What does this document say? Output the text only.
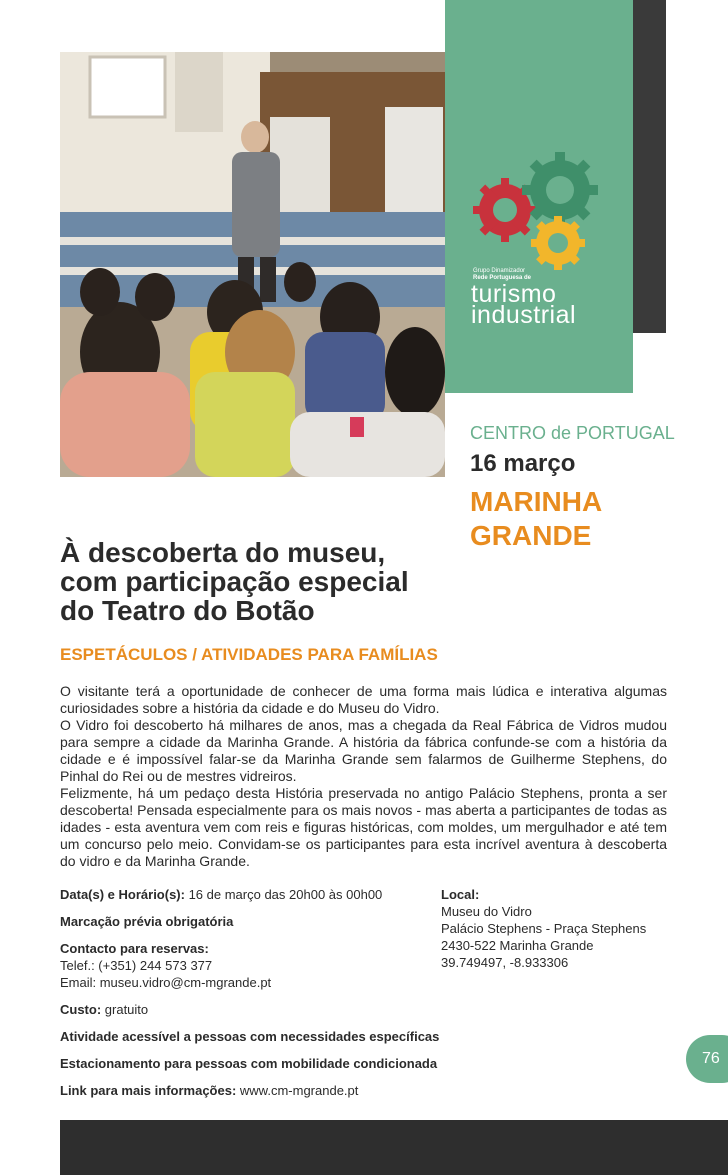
Grupo Dinamizador
Rede Portuguesa de
turismo
industrial
CENTRO de PORTUGAL
16 março
MARINHA
GRANDE
À descoberta do museu,
com participação especial
do Teatro do Botão
ESPETÁCULOS / ATIVIDADES PARA FAMÍLIAS

O visitante terá a oportunidade de conhecer de uma forma mais lúdica e interativa algumas curiosidades sobre a história da cidade e do Museu do Vidro.

O Vidro foi descoberto há milhares de anos, mas a chegada da Real Fábrica de Vidros mudou para sempre a cidade da Marinha Grande. A história da fábrica confunde-se com a história da cidade e é impossível falar-se da Marinha Grande sem falarmos de Guilherme Stephens, do Pinhal do Rei ou de mestres vidreiros.

Felizmente, há um pedaço desta História preservada no antigo Palácio Stephens, pronta a ser descoberta! Pensada especialmente para os mais novos - mas aberta a participantes de todas as idades - esta aventura vem com reis e figuras históricas, com moldes, um mergulhador e até tem um concurso pelo meio. Convidam-se os participantes para esta incrível aventura à descoberta do vidro e da Marinha Grande.

Data(s) e Horário(s): 16 de março das 20h00 às 00h00
Marcação prévia obrigatória
Contacto para reservas:
Telef.: (+351) 244 573 377
Email: museu.vidro@cm-mgrande.pt
Custo: gratuito
Atividade acessível a pessoas com necessidades específicas
Estacionamento para pessoas com mobilidade condicionada
Link para mais informações: www.cm-mgrande.pt
Local:
Museu do Vidro
Palácio Stephens - Praça Stephens
2430-522 Marinha Grande
39.749497, -8.933306
76
